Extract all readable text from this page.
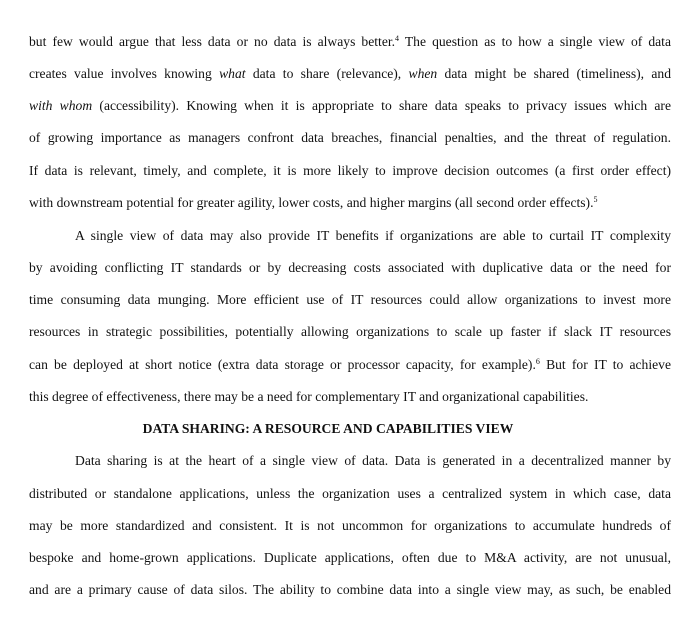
but few would argue that less data or no data is always better.$^4$ The question as to how a single view of data
creates value involves knowing what data to share (relevance), when data might be shared (timeliness), and
with whom (accessibility). Knowing when it is appropriate to share data speaks to privacy issues which are
of growing importance as managers confront data breaches, financial penalties, and the threat of regulation.
If data is relevant, timely, and complete, it is more likely to improve decision outcomes (a first order effect)
with downstream potential for greater agility, lower costs, and higher margins (all second order effects).$^5$
A single view of data may also provide IT benefits if organizations are able to curtail IT complexity
by avoiding conflicting IT standards or by decreasing costs associated with duplicative data or the need for
time consuming data munging. More efficient use of IT resources could allow organizations to invest more
resources in strategic possibilities, potentially allowing organizations to scale up faster if slack IT resources
can be deployed at short notice (extra data storage or processor capacity, for example).$^6$ But for IT to achieve
this degree of effectiveness, there may be a need for complementary IT and organizational capabilities.
DATA SHARING: A RESOURCE AND CAPABILITIES VIEW
Data sharing is at the heart of a single view of data. Data is generated in a decentralized manner by
distributed or standalone applications, unless the organization uses a centralized system in which case, data
may be more standardized and consistent. It is not uncommon for organizations to accumulate hundreds of
bespoke and home-grown applications. Duplicate applications, often due to M&A activity, are not unusual,
and are a primary cause of data silos. The ability to combine data into a single view may, as such, be enabled
